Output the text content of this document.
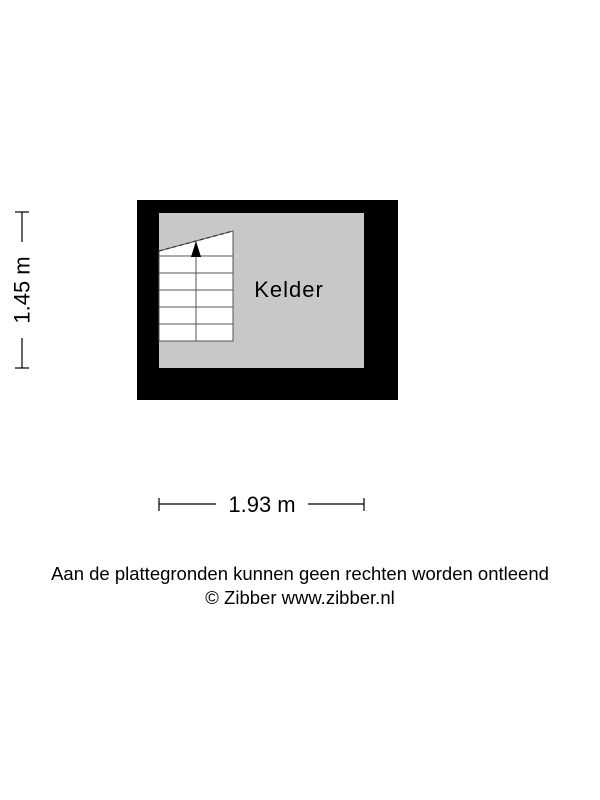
Kelder
1.45 m
1.93 m
Aan de plattegronden kunnen geen rechten worden ontleend
© Zibber www.zibber.nl
